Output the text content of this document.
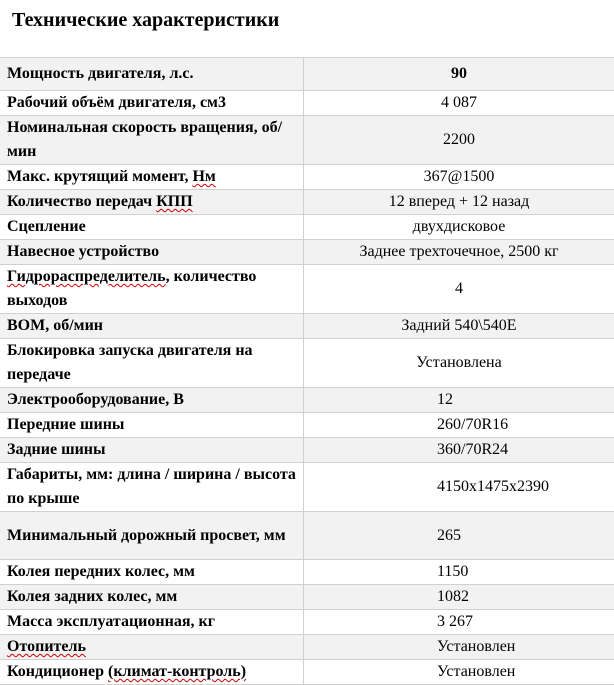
Технические характеристики
Мощность двигателя, л.с.	90
Рабочий объём двигателя, см3	4 087
Номинальная скорость вращения, об/мин	2200
Макс. крутящий момент, Нм	367@1500
Количество передач КПП	12 вперед + 12 назад
Сцепление	двухдисковое
Навесное устройство	Заднее трехточечное, 2500 кг
Гидрораспределитель, количество выходов	4
ВОМ, об/мин	Задний 540\540Е
Блокировка запуска двигателя на передаче	Установлена
Электрооборудование, В	12
Передние шины	260/70R16
Задние шины	360/70R24
Габариты, мм: длина / ширина / высота по крыше	4150x1475x2390
Минимальный дорожный просвет, мм	265
Колея передних колес, мм	1150
Колея задних колес, мм	1082
Масса эксплуатационная, кг	3 267
Отопитель	Установлен
Кондиционер (климат-контроль)	Установлен
